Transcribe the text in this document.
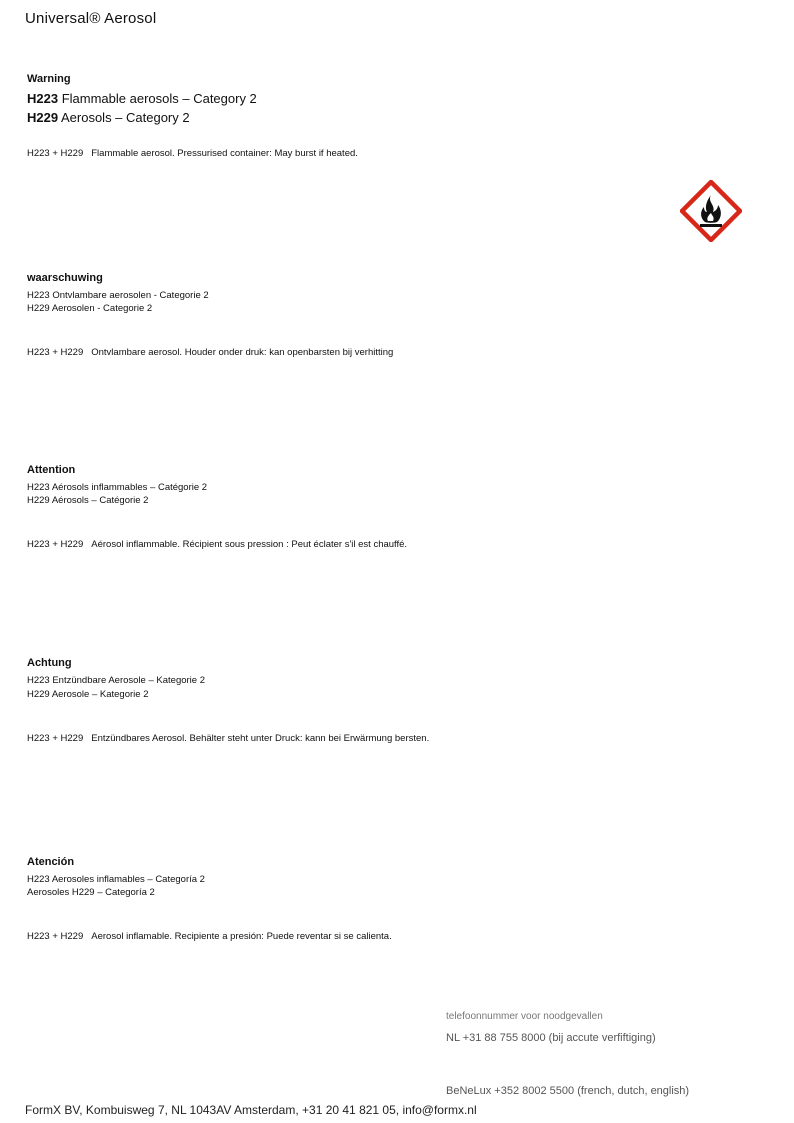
Universal® Aerosol
Warning
H223 Flammable aerosols – Category 2
H229 Aerosols – Category 2
H223 + H229 Flammable aerosol. Pressurised container: May burst if heated.
waarschuwing
H223 Ontvlambare aerosolen - Categorie 2
H229 Aerosolen - Categorie 2
H223 + H229 Ontvlambare aerosol. Houder onder druk: kan openbarsten bij verhitting
Attention
H223 Aérosols inflammables – Catégorie 2
H229 Aérosols – Catégorie 2
H223 + H229 Aérosol inflammable. Récipient sous pression : Peut éclater s'il est chauffé.
Achtung
H223 Entzündbare Aerosole – Kategorie 2
H229 Aerosole – Kategorie 2
H223 + H229 Entzündbares Aerosol. Behälter steht unter Druck: kann bei Erwärmung bersten.
Atención
H223 Aerosoles inflamables – Categoría 2
Aerosoles H229 – Categoría 2
H223 + H229 Aerosol inflamable. Recipiente a presión: Puede reventar si se calienta.
telefoonnummer voor noodgevallen
NL +31 88 755 8000 (bij accute verfiftiging)
BeNeLux +352 8002 5500 (french, dutch, english)
FormX BV, Kombuisweg 7, NL 1043AV Amsterdam, +31 20 41 821 05, info@formx.nl
